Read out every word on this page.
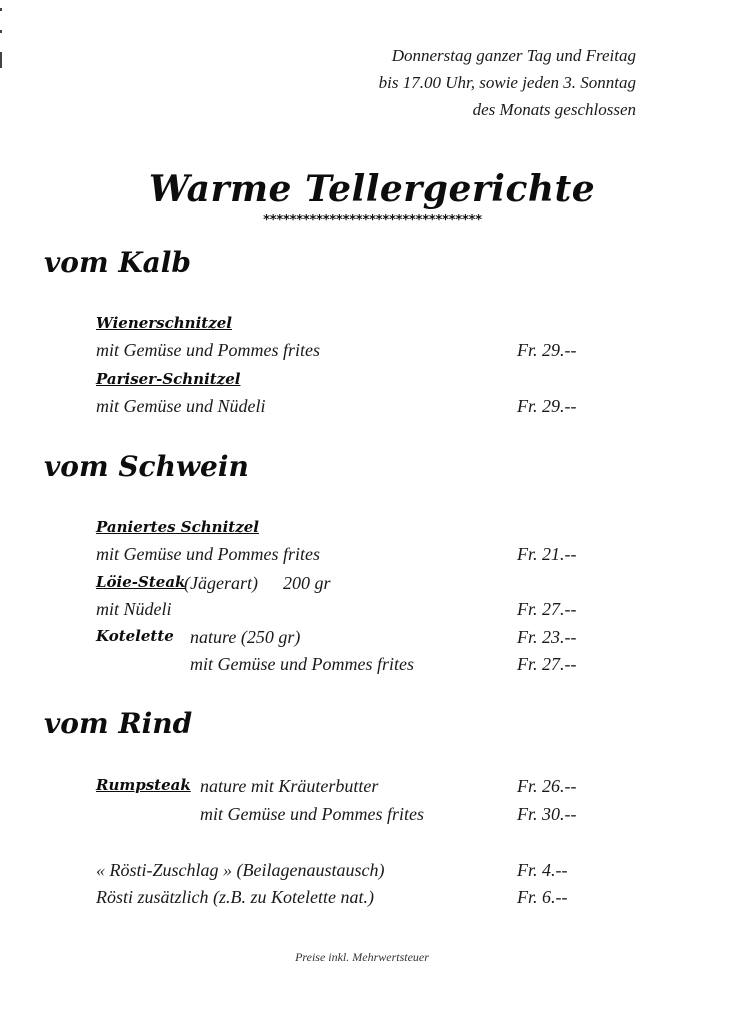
Donnerstag ganzer Tag und Freitag
bis 17.00 Uhr, sowie jeden 3. Sonntag
des Monats geschlossen
Warme Tellergerichte
*********************************
vom Kalb
Wienerschnitzel
mit Gemüse und Pommes frites	Fr. 29.--
Pariser-Schnitzel
mit Gemüse und Nüdeli	Fr. 29.--
vom Schwein
Paniertes Schnitzel
mit Gemüse und Pommes frites	Fr. 21.--
Löie-Steak
(Jägerart) 200 gr
mit Nüdeli	Fr. 27.--
Kotelette nature (250 gr)	Fr. 23.--
mit Gemüse und Pommes frites	Fr. 27.--
vom Rind
Rumpsteak nature mit Kräuterbutter	Fr. 26.--
mit Gemüse und Pommes frites	Fr. 30.--
« Rösti-Zuschlag » (Beilagenaustausch)	Fr. 4.--
Rösti zusätzlich (z.B. zu Kotelette nat.)	Fr. 6.--
Preise inkl. Mehrwertsteuer
